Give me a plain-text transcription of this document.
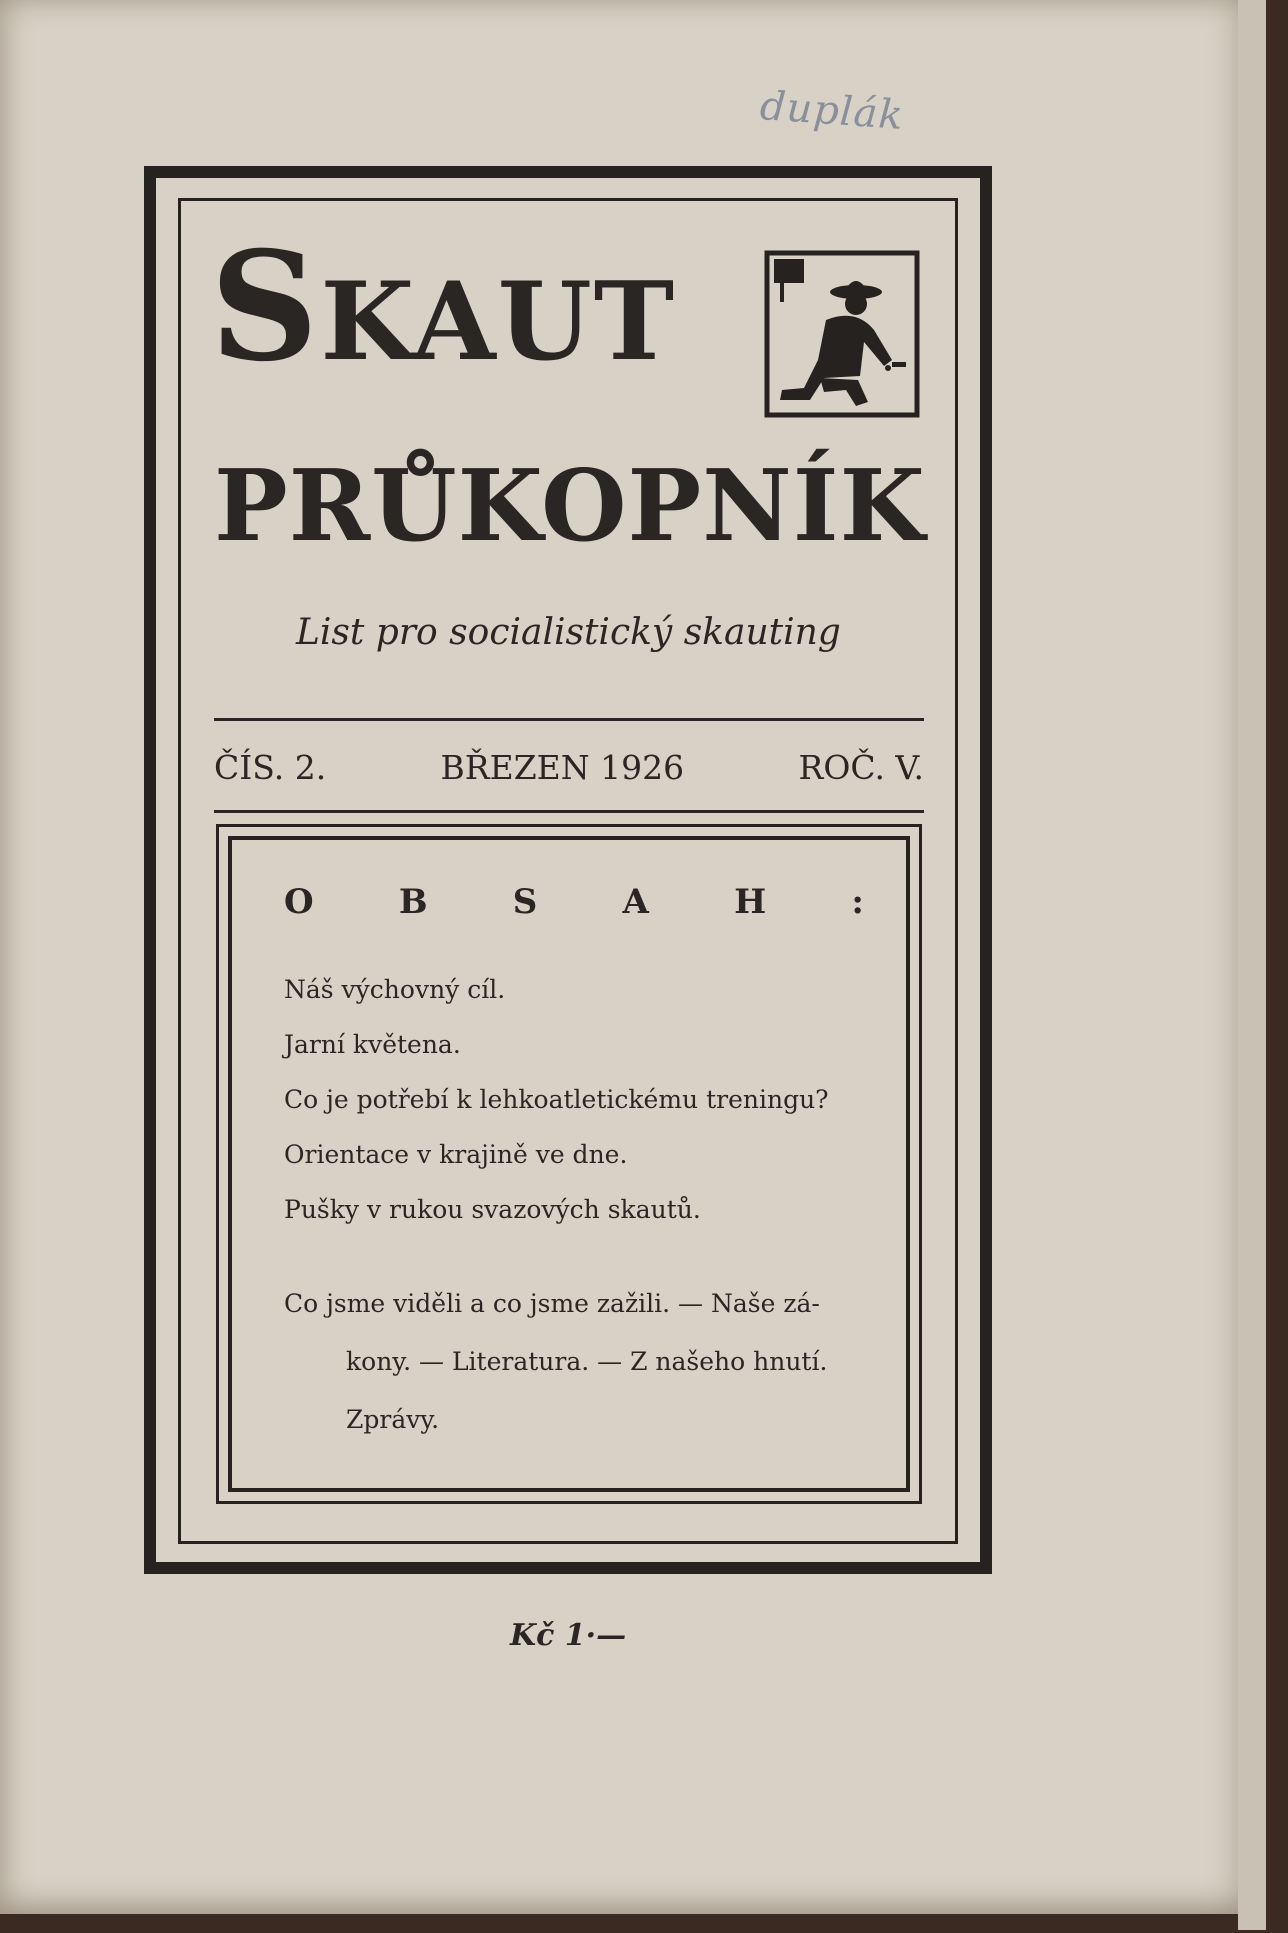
duplák
SKAUT
PRŮKOPNÍK
List pro socialistický skauting
ČÍS. 2.	BŘEZEN 1926	ROČ. V.
O	B	S	A	H	:
Náš výchovný cíl.
Jarní květena.
Co je potřebí k lehkoatletickému treningu?
Orientace v krajině ve dne.
Pušky v rukou svazových skautů.
Co jsme viděli a co jsme zažili. — Naše zá-
kony. — Literatura. — Z našeho hnutí.
Zprávy.
Kč 1·—
